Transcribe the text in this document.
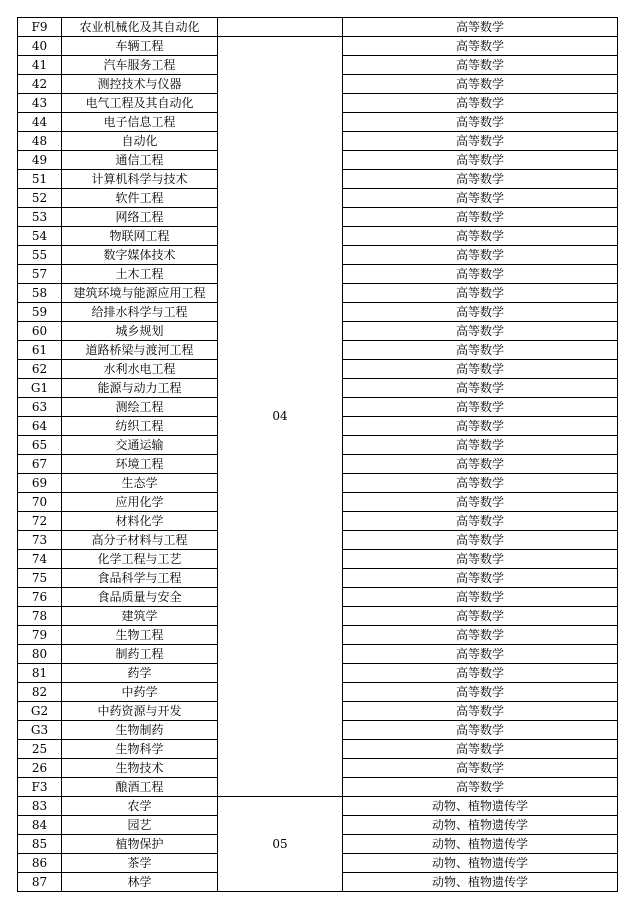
F9	农业机械化及其自动化		高等数学
40	车辆工程	04	高等数学
41	汽车服务工程		高等数学
42	测控技术与仪器		高等数学
43	电气工程及其自动化		高等数学
44	电子信息工程		高等数学
48	自动化		高等数学
49	通信工程		高等数学
51	计算机科学与技术		高等数学
52	软件工程		高等数学
53	网络工程		高等数学
54	物联网工程		高等数学
55	数字媒体技术		高等数学
57	土木工程		高等数学
58	建筑环境与能源应用工程		高等数学
59	给排水科学与工程		高等数学
60	城乡规划		高等数学
61	道路桥梁与渡河工程		高等数学
62	水利水电工程		高等数学
G1	能源与动力工程		高等数学
63	测绘工程		高等数学
64	纺织工程		高等数学
65	交通运输		高等数学
67	环境工程		高等数学
69	生态学		高等数学
70	应用化学		高等数学
72	材料化学		高等数学
73	高分子材料与工程		高等数学
74	化学工程与工艺		高等数学
75	食品科学与工程		高等数学
76	食品质量与安全		高等数学
78	建筑学		高等数学
79	生物工程		高等数学
80	制药工程		高等数学
81	药学		高等数学
82	中药学		高等数学
G2	中药资源与开发		高等数学
G3	生物制药		高等数学
25	生物科学		高等数学
26	生物技术		高等数学
F3	酿酒工程		高等数学
83	农学	05	动物、植物遗传学
84	园艺		动物、植物遗传学
85	植物保护		动物、植物遗传学
86	茶学		动物、植物遗传学
87	林学		动物、植物遗传学
